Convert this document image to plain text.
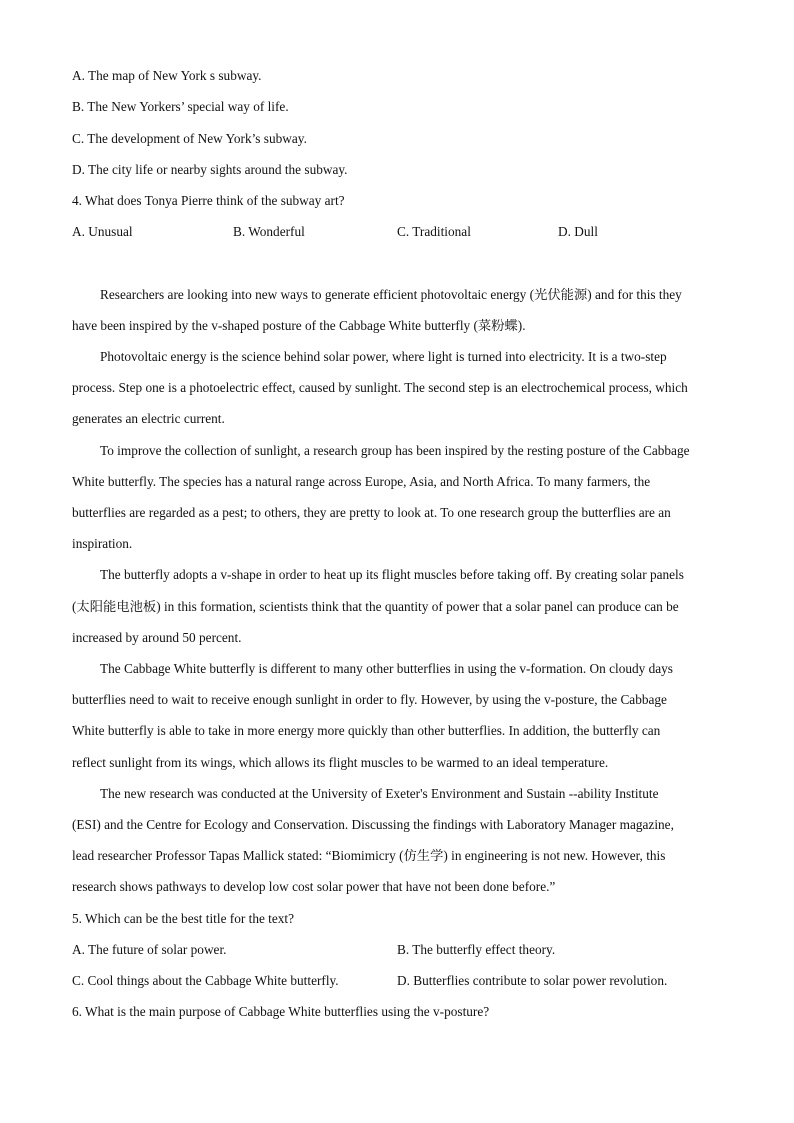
A. The map of New York s subway.
B. The New Yorkers’ special way of life.
C. The development of New York’s subway.
D. The city life or nearby sights around the subway.
4. What does Tonya Pierre think of the subway art?
A. Unusual	B. Wonderful	C. Traditional	D. Dull
Researchers are looking into new ways to generate efficient photovoltaic energy (光伏能源) and for this they
have been inspired by the v-shaped posture of the Cabbage White butterfly (菜粉蝶).
Photovoltaic energy is the science behind solar power, where light is turned into electricity. It is a two-step
process. Step one is a photoelectric effect, caused by sunlight. The second step is an electrochemical process, which
generates an electric current.
To improve the collection of sunlight, a research group has been inspired by the resting posture of the Cabbage
White butterfly. The species has a natural range across Europe, Asia, and North Africa. To many farmers, the
butterflies are regarded as a pest; to others, they are pretty to look at. To one research group the butterflies are an
inspiration.
The butterfly adopts a v-shape in order to heat up its flight muscles before taking off. By creating solar panels
(太阳能电池板) in this formation, scientists think that the quantity of power that a solar panel can produce can be
increased by around 50 percent.
The Cabbage White butterfly is different to many other butterflies in using the v-formation. On cloudy days
butterflies need to wait to receive enough sunlight in order to fly. However, by using the v-posture, the Cabbage
White butterfly is able to take in more energy more quickly than other butterflies. In addition, the butterfly can
reflect sunlight from its wings, which allows its flight muscles to be warmed to an ideal temperature.
The new research was conducted at the University of Exeter's Environment and Sustain --ability Institute
(ESI) and the Centre for Ecology and Conservation. Discussing the findings with Laboratory Manager magazine,
lead researcher Professor Tapas Mallick stated: “Biomimicry (仿生学) in engineering is not new. However, this
research shows pathways to develop low cost solar power that have not been done before.”
5. Which can be the best title for the text?
A. The future of solar power.	B. The butterfly effect theory.
C. Cool things about the Cabbage White butterfly.	D. Butterflies contribute to solar power revolution.
6. What is the main purpose of Cabbage White butterflies using the v-posture?
